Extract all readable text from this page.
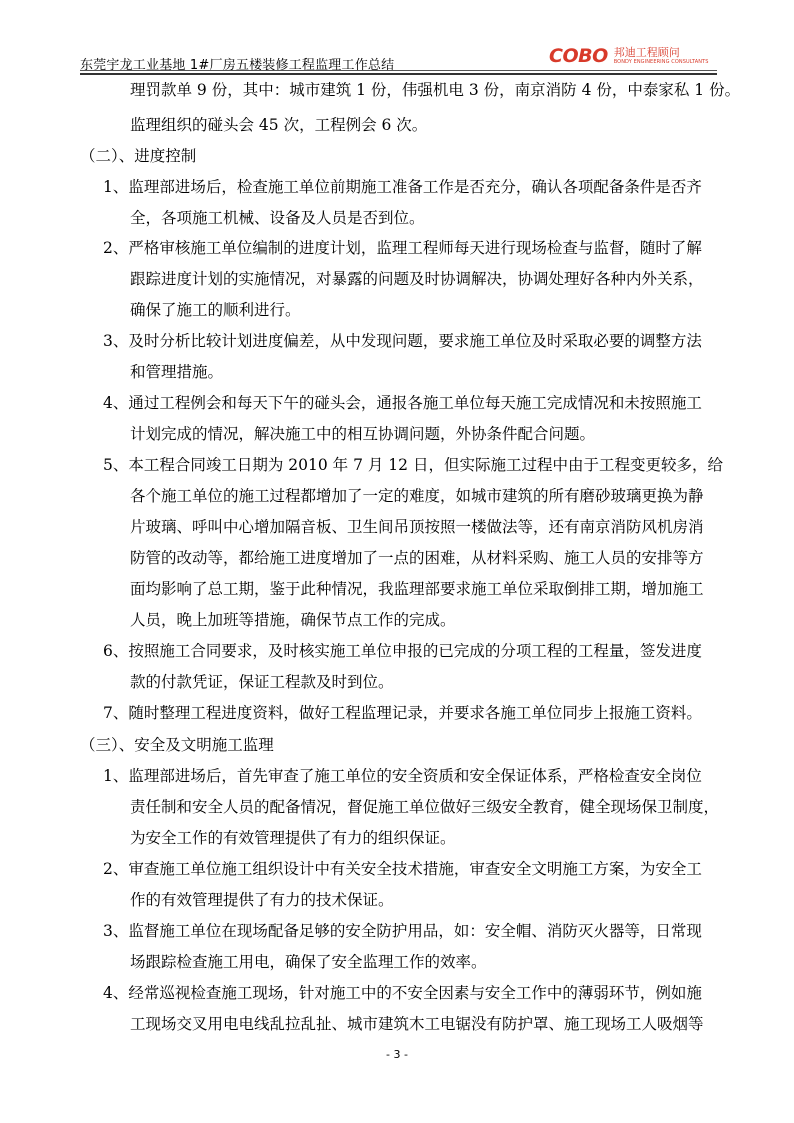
东莞宇龙工业基地 1#厂房五楼装修工程监理工作总结	COBO 邦迪工程顾问
BONDY ENGINEERING CONSULTANTS
理罚款单 9 份，其中：城市建筑 1 份，伟强机电 3 份，南京消防 4 份，中泰家私 1 份。
监理组织的碰头会 45 次，工程例会 6 次。
（二）、进度控制
1、监理部进场后，检查施工单位前期施工准备工作是否充分，确认各项配备条件是否齐
全，各项施工机械、设备及人员是否到位。
2、严格审核施工单位编制的进度计划，监理工程师每天进行现场检查与监督，随时了解
跟踪进度计划的实施情况，对暴露的问题及时协调解决，协调处理好各种内外关系，
确保了施工的顺利进行。
3、及时分析比较计划进度偏差，从中发现问题，要求施工单位及时采取必要的调整方法
和管理措施。
4、通过工程例会和每天下午的碰头会，通报各施工单位每天施工完成情况和未按照施工
计划完成的情况，解决施工中的相互协调问题，外协条件配合问题。
5、本工程合同竣工日期为 2010 年 7 月 12 日，但实际施工过程中由于工程变更较多，给
各个施工单位的施工过程都增加了一定的难度，如城市建筑的所有磨砂玻璃更换为静
片玻璃、呼叫中心增加隔音板、卫生间吊顶按照一楼做法等，还有南京消防风机房消
防管的改动等，都给施工进度增加了一点的困难，从材料采购、施工人员的安排等方
面均影响了总工期，鉴于此种情况，我监理部要求施工单位采取倒排工期，增加施工
人员，晚上加班等措施，确保节点工作的完成。
6、按照施工合同要求，及时核实施工单位申报的已完成的分项工程的工程量，签发进度
款的付款凭证，保证工程款及时到位。
7、随时整理工程进度资料，做好工程监理记录，并要求各施工单位同步上报施工资料。
（三）、安全及文明施工监理
1、监理部进场后，首先审查了施工单位的安全资质和安全保证体系，严格检查安全岗位
责任制和安全人员的配备情况，督促施工单位做好三级安全教育，健全现场保卫制度，
为安全工作的有效管理提供了有力的组织保证。
2、审查施工单位施工组织设计中有关安全技术措施，审查安全文明施工方案，为安全工
作的有效管理提供了有力的技术保证。
3、监督施工单位在现场配备足够的安全防护用品，如：安全帽、消防灭火器等，日常现
场跟踪检查施工用电，确保了安全监理工作的效率。
4、经常巡视检查施工现场，针对施工中的不安全因素与安全工作中的薄弱环节，例如施
工现场交叉用电电线乱拉乱扯、城市建筑木工电锯没有防护罩、施工现场工人吸烟等
- 3 -
